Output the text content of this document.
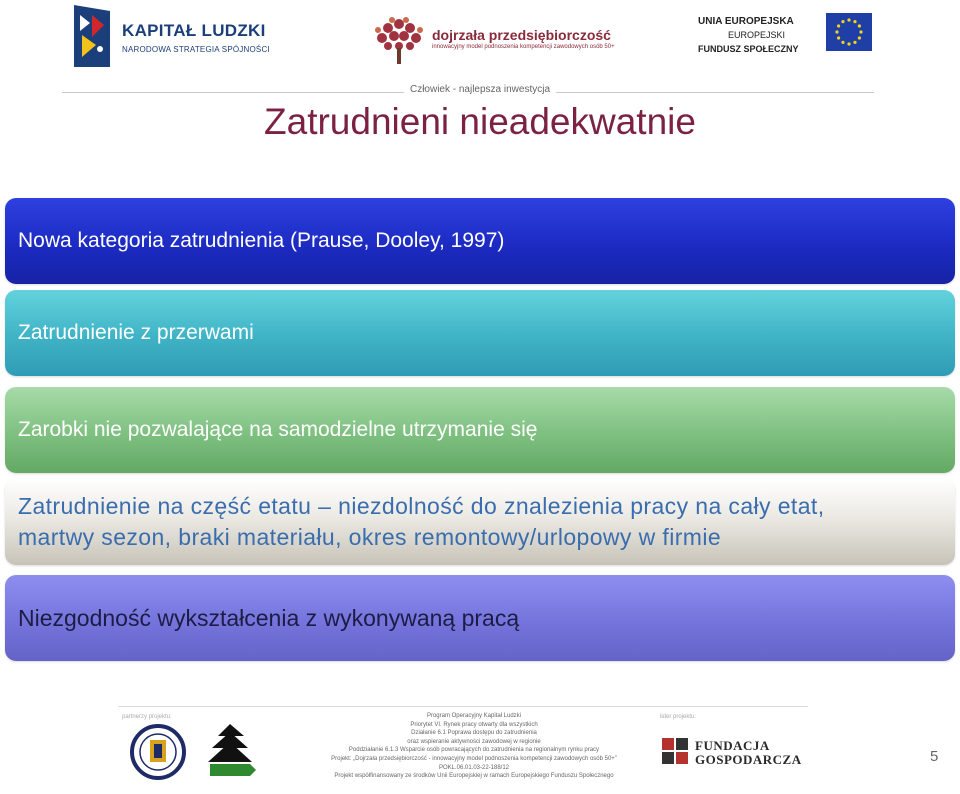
KAPITAŁ LUDZKI
NARODOWA STRATEGIA SPÓJNOŚCI
dojrzała przedsiębiorczość
innowacyjny model podnoszenia kompetencji zawodowych osób 50+
UNIA EUROPEJSKA
EUROPEJSKI
FUNDUSZ SPOŁECZNY
Człowiek - najlepsza inwestycja
Zatrudnieni nieadekwatnie
Nowa kategoria zatrudnienia (Prause, Dooley, 1997)
Zatrudnienie z przerwami
Zarobki nie pozwalające na samodzielne utrzymanie się
Zatrudnienie na część etatu – niezdolność do znalezienia pracy na cały etat,
martwy sezon, braki materiału, okres remontowy/urlopowy w firmie
Niezgodność wykształcenia z wykonywaną pracą
partnerzy projektu:	lider projektu:
Program Operacyjny Kapitał Ludzki
Priorytet VI. Rynek pracy otwarty dla wszystkich
Działanie 6.1 Poprawa dostępu do zatrudnienia
oraz wspieranie aktywności zawodowej w regionie
Poddziałanie 6.1.3 Wsparcie osób powracających do zatrudnienia na regionalnym rynku pracy
Projekt: „Dojrzała przedsiębiorczość - innowacyjny model podnoszenia kompetencji zawodowych osób 50+”
POKL.06.01.03-22-188/12
Projekt współfinansowany ze środków Unii Europejskiej w ramach Europejskiego Funduszu Społecznego
FUNDACJA
GOSPODARCZA	5
